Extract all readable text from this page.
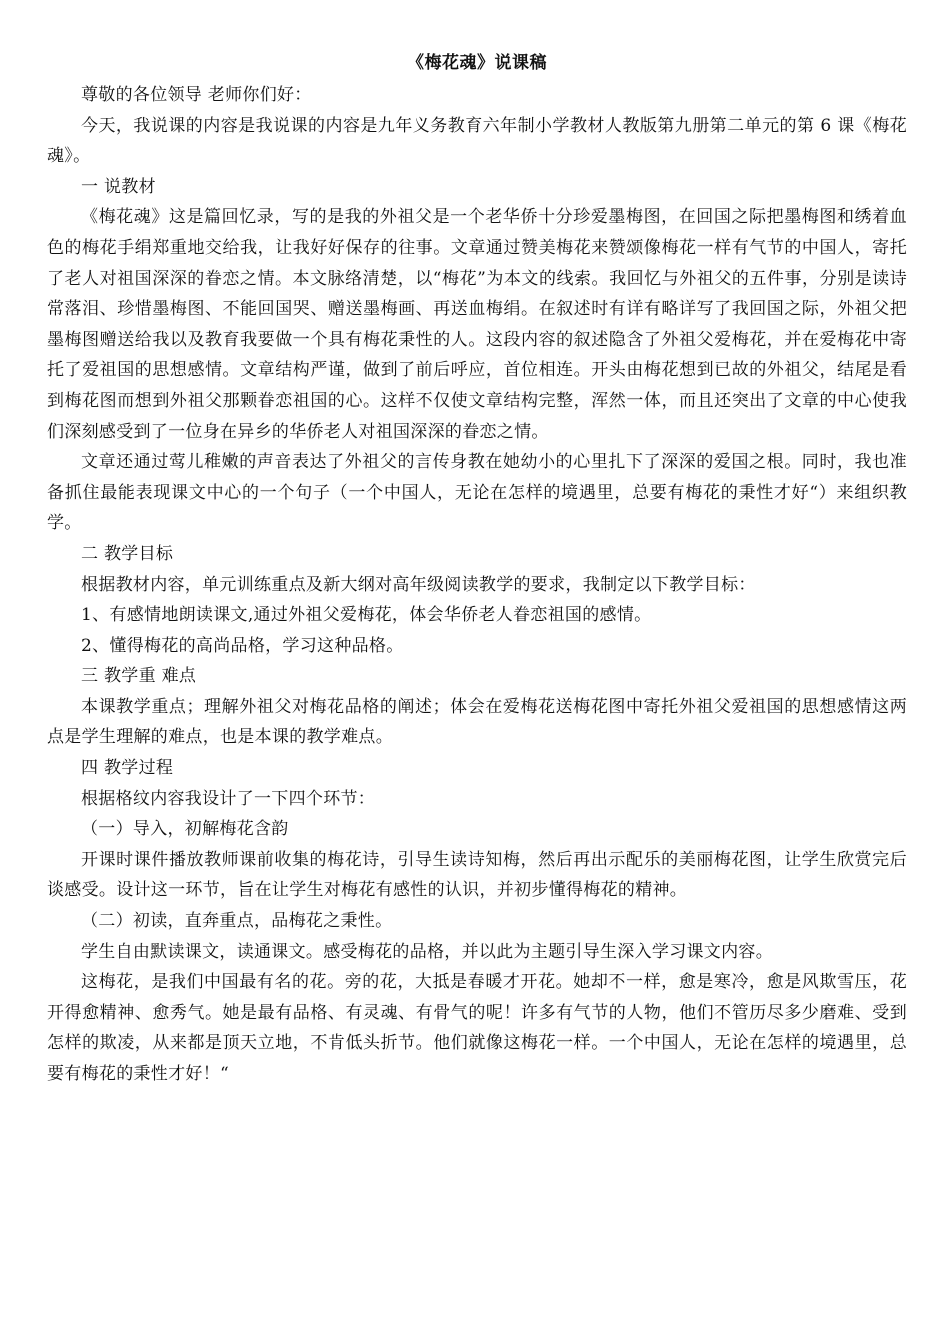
《梅花魂》说课稿

尊敬的各位领导 老师你们好：

今天，我说课的内容是我说课的内容是九年义务教育六年制小学教材人教版第九册第二单元的第 6 课《梅花魂》。

一 说教材

《梅花魂》这是篇回忆录，写的是我的外祖父是一个老华侨十分珍爱墨梅图，在回国之际把墨梅图和绣着血色的梅花手绢郑重地交给我，让我好好保存的往事。文章通过赞美梅花来赞颂像梅花一样有气节的中国人，寄托了老人对祖国深深的眷恋之情。本文脉络清楚，以“梅花”为本文的线索。我回忆与外祖父的五件事，分别是读诗常落泪、珍惜墨梅图、不能回国哭、赠送墨梅画、再送血梅绢。在叙述时有详有略详写了我回国之际，外祖父把墨梅图赠送给我以及教育我要做一个具有梅花秉性的人。这段内容的叙述隐含了外祖父爱梅花，并在爱梅花中寄托了爱祖国的思想感情。文章结构严谨，做到了前后呼应，首位相连。开头由梅花想到已故的外祖父，结尾是看到梅花图而想到外祖父那颗眷恋祖国的心。这样不仅使文章结构完整，浑然一体，而且还突出了文章的中心使我们深刻感受到了一位身在异乡的华侨老人对祖国深深的眷恋之情。

文章还通过莺儿稚嫩的声音表达了外祖父的言传身教在她幼小的心里扎下了深深的爱国之根。同时，我也准备抓住最能表现课文中心的一个句子（一个中国人，无论在怎样的境遇里，总要有梅花的秉性才好“）来组织教学。

二 教学目标

根据教材内容，单元训练重点及新大纲对高年级阅读教学的要求，我制定以下教学目标：

1、有感情地朗读课文,通过外祖父爱梅花，体会华侨老人眷恋祖国的感情。

2、懂得梅花的高尚品格，学习这种品格。

三 教学重 难点

本课教学重点；理解外祖父对梅花品格的阐述；体会在爱梅花送梅花图中寄托外祖父爱祖国的思想感情这两点是学生理解的难点，也是本课的教学难点。

四 教学过程

根据格纹内容我设计了一下四个环节：

（一）导入，初解梅花含韵

开课时课件播放教师课前收集的梅花诗，引导生读诗知梅，然后再出示配乐的美丽梅花图，让学生欣赏完后谈感受。设计这一环节，旨在让学生对梅花有感性的认识，并初步懂得梅花的精神。

（二）初读，直奔重点，品梅花之秉性。

学生自由默读课文，读通课文。感受梅花的品格，并以此为主题引导生深入学习课文内容。

这梅花，是我们中国最有名的花。旁的花，大抵是春暖才开花。她却不一样，愈是寒冷，愈是风欺雪压，花开得愈精神、愈秀气。她是最有品格、有灵魂、有骨气的呢！许多有气节的人物，他们不管历尽多少磨难、受到怎样的欺凌，从来都是顶天立地，不肯低头折节。他们就像这梅花一样。一个中国人，无论在怎样的境遇里，总要有梅花的秉性才好！“
